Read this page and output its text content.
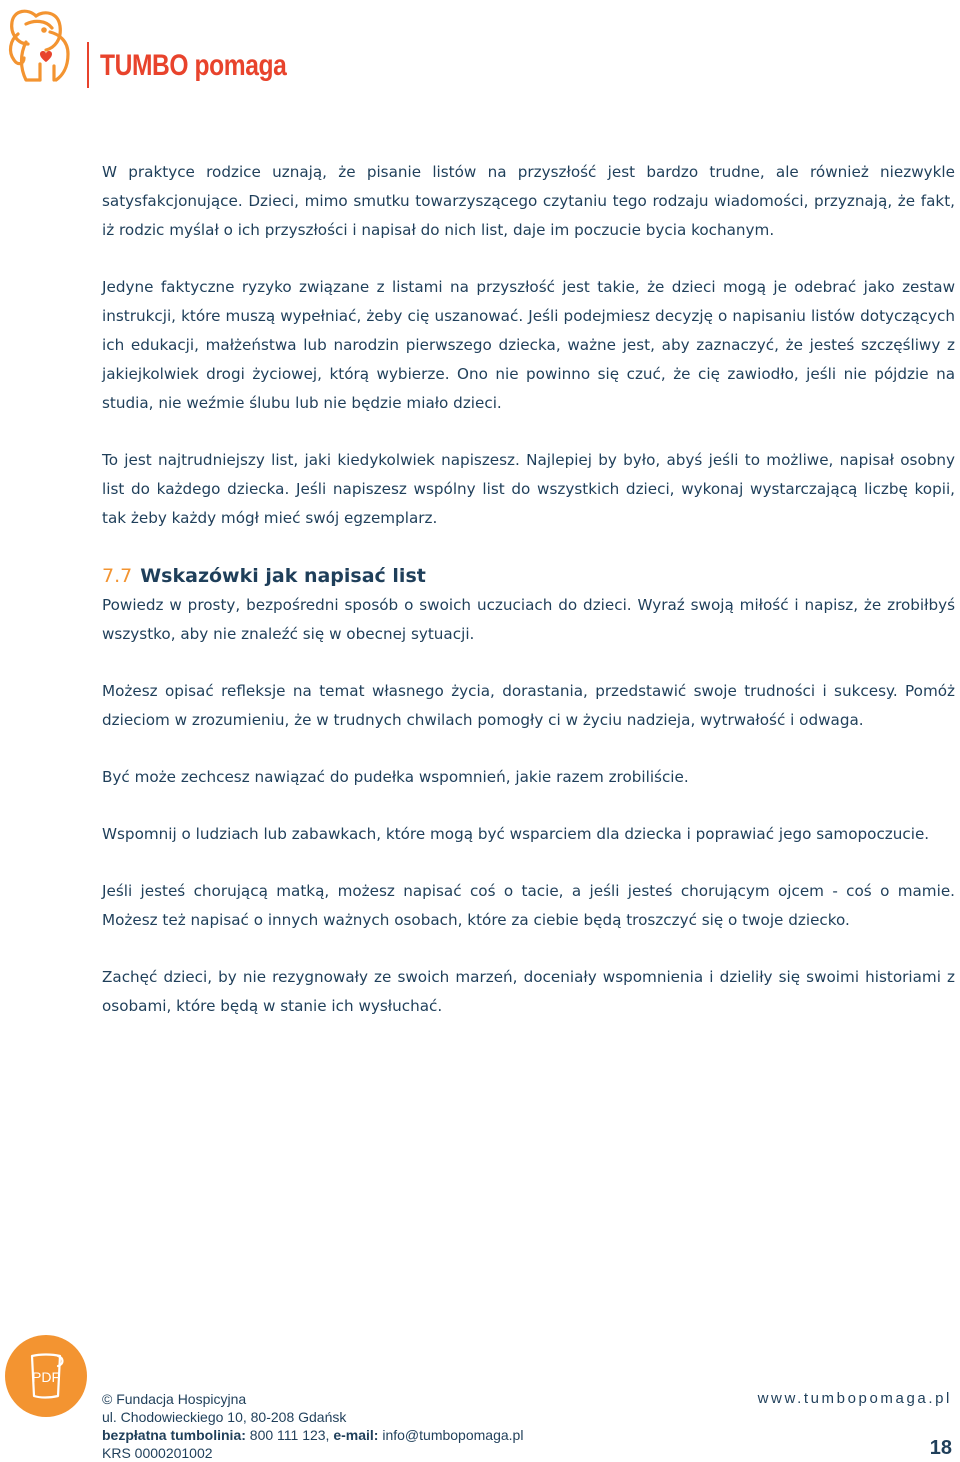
TUMBO pomaga

W praktyce rodzice uznają, że pisanie listów na przyszłość jest bardzo trudne, ale również niezwykle satysfakcjonujące. Dzieci, mimo smutku towarzyszącego czytaniu tego rodzaju wiadomości, przyznają, że fakt, iż rodzic myślał o ich przyszłości i napisał do nich list, daje im poczucie bycia kochanym.

Jedyne faktyczne ryzyko związane z listami na przyszłość jest takie, że dzieci mogą je odebrać jako zestaw instrukcji, które muszą wypełniać, żeby cię uszanować. Jeśli podejmiesz decyzję o napisaniu listów dotyczących ich edukacji, małżeństwa lub narodzin pierwszego dziecka, ważne jest, aby zaznaczyć, że jesteś szczęśliwy z jakiejkolwiek drogi życiowej, którą wybierze. Ono nie powinno się czuć, że cię zawiodło, jeśli nie pójdzie na studia, nie weźmie ślubu lub nie będzie miało dzieci.

To jest najtrudniejszy list, jaki kiedykolwiek napiszesz. Najlepiej by było, abyś jeśli to możliwe, napisał osobny list do każdego dziecka. Jeśli napiszesz wspólny list do wszystkich dzieci, wykonaj wystarczającą liczbę kopii, tak żeby każdy mógł mieć swój egzemplarz.

7.7 Wskazówki jak napisać list

Powiedz w prosty, bezpośredni sposób o swoich uczuciach do dzieci. Wyraź swoją miłość i napisz, że zrobiłbyś wszystko, aby nie znaleźć się w obecnej sytuacji.

Możesz opisać refleksje na temat własnego życia, dorastania, przedstawić swoje trudności i sukcesy. Pomóż dzieciom w zrozumieniu, że w trudnych chwilach pomogły ci w życiu nadzieja, wytrwałość i odwaga.

Być może zechcesz nawiązać do pudełka wspomnień, jakie razem zrobiliście.

Wspomnij o ludziach lub zabawkach, które mogą być wsparciem dla dziecka i poprawiać jego samopoczucie.

Jeśli jesteś chorującą matką, możesz napisać coś o tacie, a jeśli jesteś chorującym ojcem - coś o mamie. Możesz też napisać o innych ważnych osobach, które za ciebie będą troszczyć się o twoje dziecko.

Zachęć dzieci, by nie rezygnowały ze swoich marzeń, doceniały wspomnienia i dzieliły się swoimi historiami z osobami, które będą w stanie ich wysłuchać.

PDF
© Fundacja Hospicyjna
ul. Chodowieckiego 10, 80-208 Gdańsk
bezpłatna tumbolinia: 800 111 123, e-mail: info@tumbopomaga.pl
KRS 0000201002
www.tumbopomaga.pl
18
